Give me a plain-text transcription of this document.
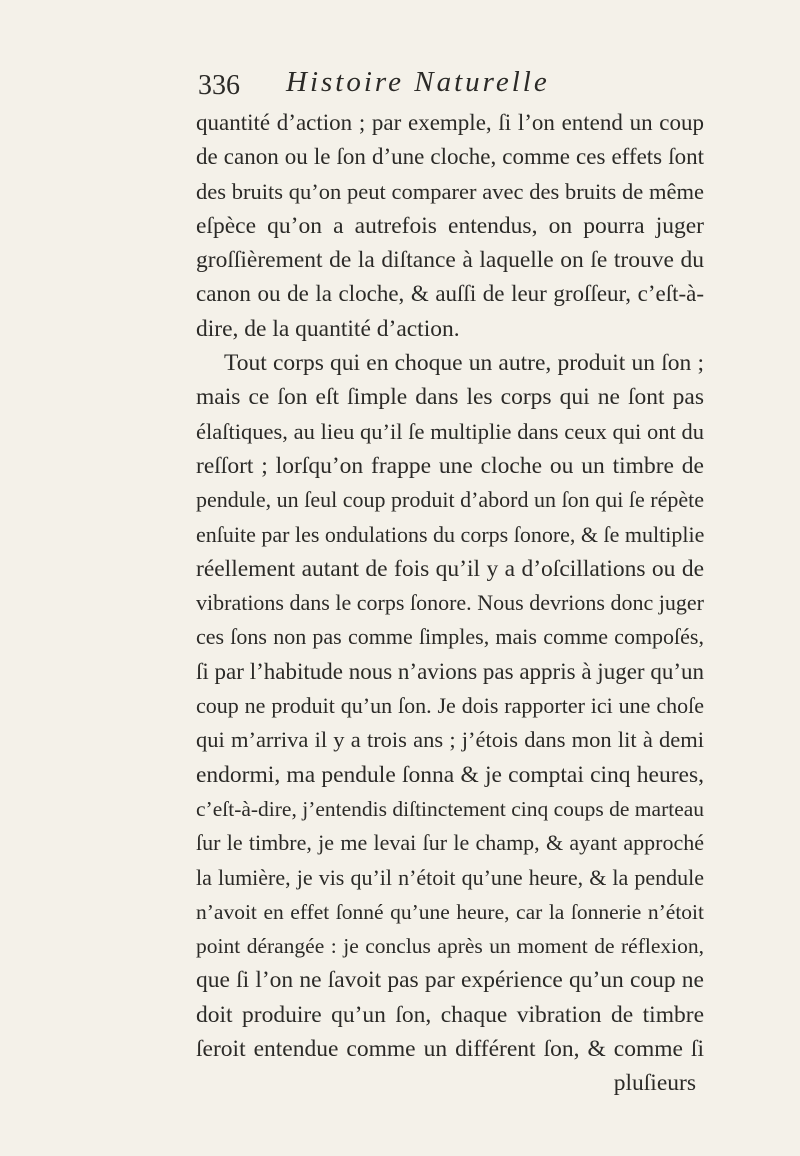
336 Histoire Naturelle
quantité d’action ; par exemple, ſi l’on entend un coup
de canon ou le ſon d’une cloche, comme ces effets ſont
des bruits qu’on peut comparer avec des bruits de même
eſpèce qu’on a autrefois entendus, on pourra juger
groſſièrement de la diſtance à laquelle on ſe trouve du
canon ou de la cloche, & auſſi de leur groſſeur, c’eſt-à-
dire, de la quantité d’action.
Tout corps qui en choque un autre, produit un ſon ;
mais ce ſon eſt ſimple dans les corps qui ne ſont pas
élaſtiques, au lieu qu’il ſe multiplie dans ceux qui ont du
reſſort ; lorſqu’on frappe une cloche ou un timbre de
pendule, un ſeul coup produit d’abord un ſon qui ſe répète
enſuite par les ondulations du corps ſonore, & ſe multiplie
réellement autant de fois qu’il y a d’oſcillations ou de
vibrations dans le corps ſonore. Nous devrions donc juger
ces ſons non pas comme ſimples, mais comme compoſés,
ſi par l’habitude nous n’avions pas appris à juger qu’un
coup ne produit qu’un ſon. Je dois rapporter ici une choſe
qui m’arriva il y a trois ans ; j’étois dans mon lit à demi
endormi, ma pendule ſonna & je comptai cinq heures,
c’eſt-à-dire, j’entendis diſtinctement cinq coups de marteau
ſur le timbre, je me levai ſur le champ, & ayant approché
la lumière, je vis qu’il n’étoit qu’une heure, & la pendule
n’avoit en effet ſonné qu’une heure, car la ſonnerie n’étoit
point dérangée : je conclus après un moment de réflexion,
que ſi l’on ne ſavoit pas par expérience qu’un coup ne
doit produire qu’un ſon, chaque vibration de timbre
ſeroit entendue comme un différent ſon, & comme ſi
pluſieurs
